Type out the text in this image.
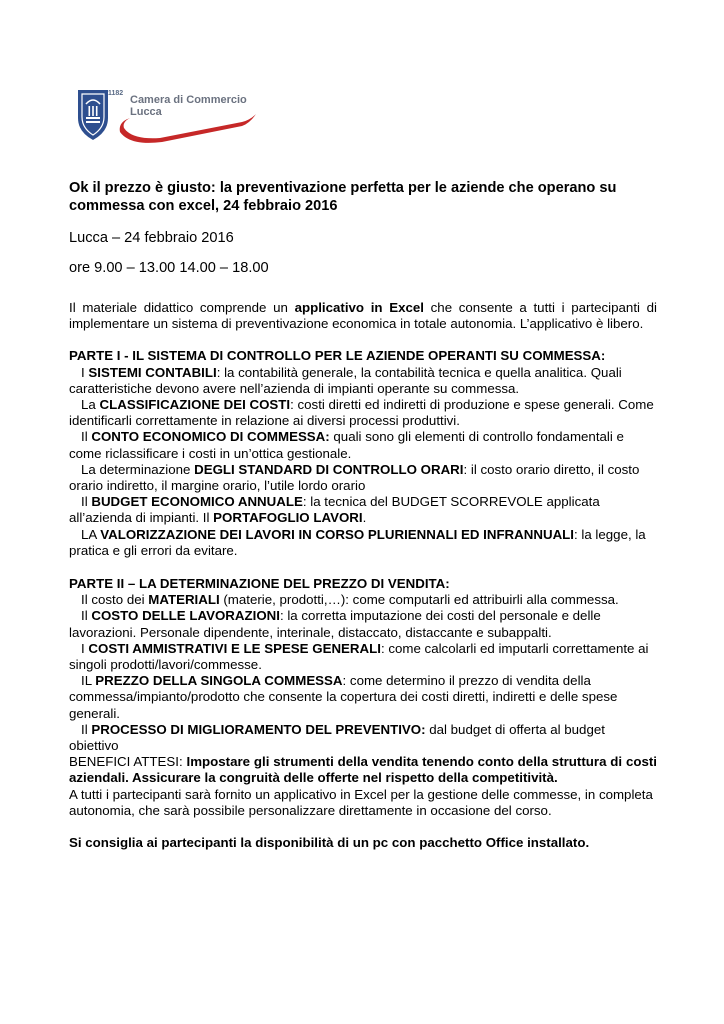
1182
Camera di Commercio
Lucca

Ok il prezzo è giusto: la preventivazione perfetta per le aziende che operano su commessa con excel, 24 febbraio 2016

Lucca – 24 febbraio 2016

ore 9.00 – 13.00 14.00 – 18.00

Il materiale didattico comprende un applicativo in Excel che consente a tutti i partecipanti di implementare un sistema di preventivazione economica in totale autonomia. L’applicativo è libero.

PARTE I - IL SISTEMA DI CONTROLLO PER LE AZIENDE OPERANTI SU COMMESSA:

I SISTEMI CONTABILI: la contabilità generale, la contabilità tecnica e quella analitica. Quali caratteristiche devono avere nell’azienda di impianti operante su commessa.

La CLASSIFICAZIONE DEI COSTI: costi diretti ed indiretti di produzione e spese generali. Come identificarli correttamente in relazione ai diversi processi produttivi.

Il CONTO ECONOMICO DI COMMESSA: quali sono gli elementi di controllo fondamentali e come riclassificare i costi in un’ottica gestionale.

La determinazione DEGLI STANDARD DI CONTROLLO ORARI: il costo orario diretto, il costo orario indiretto, il margine orario, l’utile lordo orario

Il BUDGET ECONOMICO ANNUALE: la tecnica del BUDGET SCORREVOLE applicata all’azienda di impianti. Il PORTAFOGLIO LAVORI.

LA VALORIZZAZIONE DEI LAVORI IN CORSO PLURIENNALI ED INFRANNUALI: la legge, la pratica e gli errori da evitare.

PARTE II – LA DETERMINAZIONE DEL PREZZO DI VENDITA:

Il costo dei MATERIALI (materie, prodotti,…): come computarli ed attribuirli alla commessa.

Il COSTO DELLE LAVORAZIONI: la corretta imputazione dei costi del personale e delle lavorazioni. Personale dipendente, interinale, distaccato, distaccante e subappalti.

I COSTI AMMISTRATIVI E LE SPESE GENERALI: come calcolarli ed imputarli correttamente ai singoli prodotti/lavori/commesse.

IL PREZZO DELLA SINGOLA COMMESSA: come determino il prezzo di vendita della commessa/impianto/prodotto che consente la copertura dei costi diretti, indiretti e delle spese generali.

Il PROCESSO DI MIGLIORAMENTO DEL PREVENTIVO: dal budget di offerta al budget obiettivo

BENEFICI ATTESI: Impostare gli strumenti della vendita tenendo conto della struttura di costi aziendali. Assicurare la congruità delle offerte nel rispetto della competitività.

A tutti i partecipanti sarà fornito un applicativo in Excel per la gestione delle commesse, in completa autonomia, che sarà possibile personalizzare direttamente in occasione del corso.

Si consiglia ai partecipanti la disponibilità di un pc con pacchetto Office installato.
